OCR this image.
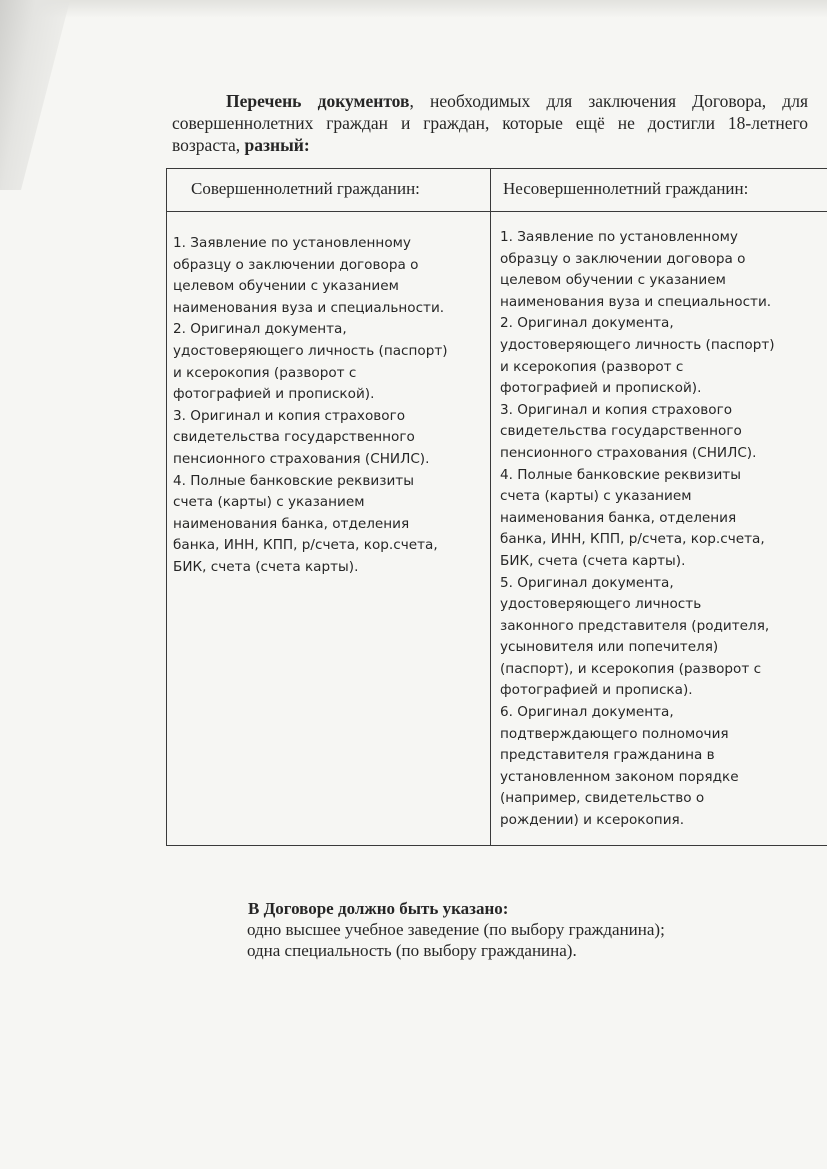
Перечень документов, необходимых для заключения Договора, для совершеннолетних граждан и граждан, которые ещё не достигли 18-летнего возраста, разный:

Совершеннолетний гражданин:	Несовершеннолетний гражданин:
1. Заявление по установленному
образцу о заключении договора о
целевом обучении с указанием
наименования вуза и специальности.
2. Оригинал документа,
удостоверяющего личность (паспорт)
и ксерокопия (разворот с
фотографией и пропиской).
3. Оригинал и копия страхового
свидетельства государственного
пенсионного страхования (СНИЛС).
4. Полные банковские реквизиты
счета (карты) с указанием
наименования банка, отделения
банка, ИНН, КПП, р/счета, кор.счета,
БИК, счета (счета карты).
1. Заявление по установленному
образцу о заключении договора о
целевом обучении с указанием
наименования вуза и специальности.
2. Оригинал документа,
удостоверяющего личность (паспорт)
и ксерокопия (разворот с
фотографией и пропиской).
3. Оригинал и копия страхового
свидетельства государственного
пенсионного страхования (СНИЛС).
4. Полные банковские реквизиты
счета (карты) с указанием
наименования банка, отделения
банка, ИНН, КПП, р/счета, кор.счета,
БИК, счета (счета карты).
5. Оригинал документа,
удостоверяющего личность
законного представителя (родителя,
усыновителя или попечителя)
(паспорт), и ксерокопия (разворот с
фотографией и прописка).
6. Оригинал документа,
подтверждающего полномочия
представителя гражданина в
установленном законом порядке
(например, свидетельство о
рождении) и ксерокопия.
В Договоре должно быть указано:
одно высшее учебное заведение (по выбору гражданина);
одна специальность (по выбору гражданина).
